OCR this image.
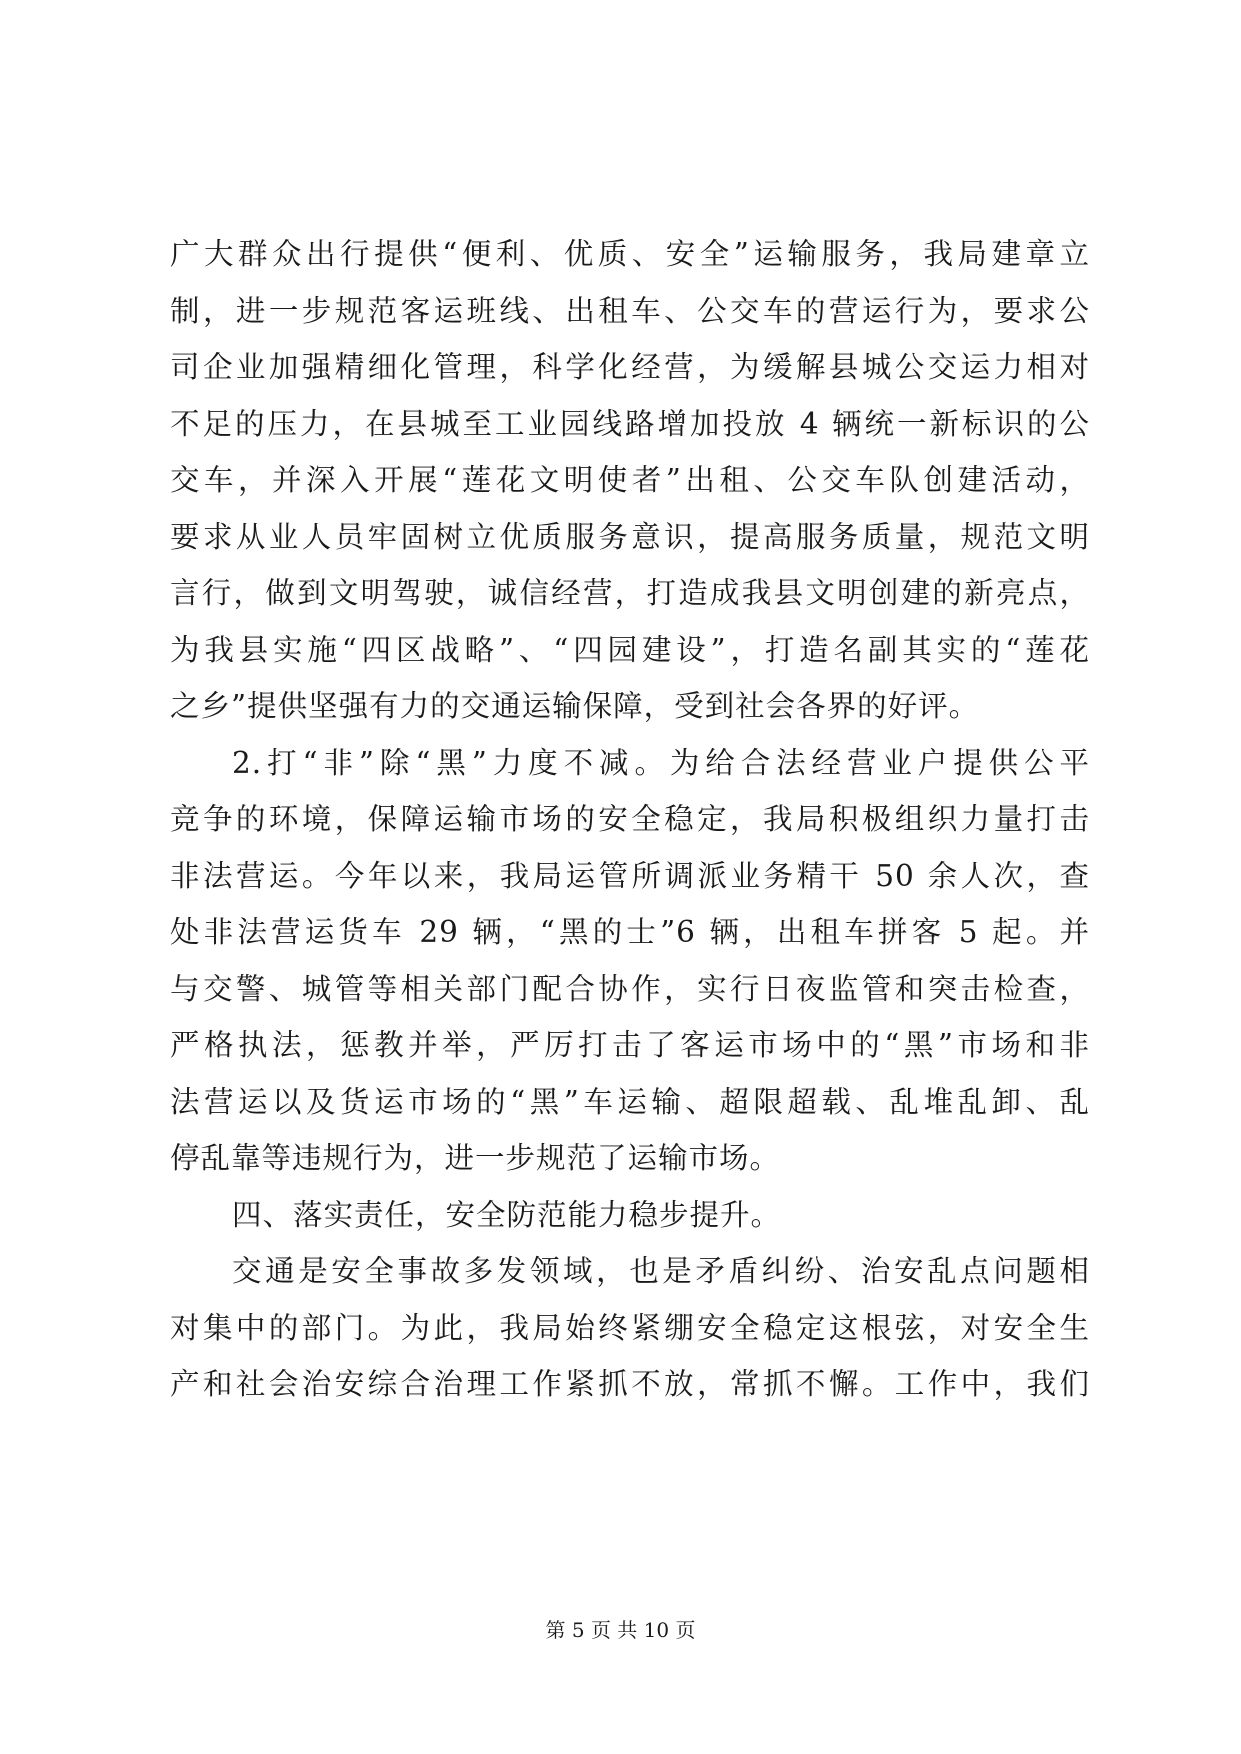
广大群众出行提供“便利、优质、安全”运输服务，我局建章立
制，进一步规范客运班线、出租车、公交车的营运行为，要求公
司企业加强精细化管理，科学化经营，为缓解县城公交运力相对
不足的压力，在县城至工业园线路增加投放 4 辆统一新标识的公
交车，并深入开展“莲花文明使者”出租、公交车队创建活动，
要求从业人员牢固树立优质服务意识，提高服务质量，规范文明
言行，做到文明驾驶，诚信经营，打造成我县文明创建的新亮点，
为我县实施“四区战略”、“四园建设”，打造名副其实的“莲花
之乡”提供坚强有力的交通运输保障，受到社会各界的好评。
2.打“非”除“黑”力度不减。为给合法经营业户提供公平
竞争的环境，保障运输市场的安全稳定，我局积极组织力量打击
非法营运。今年以来，我局运管所调派业务精干 50 余人次，查
处非法营运货车 29 辆，“黑的士”6 辆，出租车拼客 5 起。并
与交警、城管等相关部门配合协作，实行日夜监管和突击检查，
严格执法，惩教并举，严厉打击了客运市场中的“黑”市场和非
法营运以及货运市场的“黑”车运输、超限超载、乱堆乱卸、乱
停乱靠等违规行为，进一步规范了运输市场。
四、落实责任，安全防范能力稳步提升。
交通是安全事故多发领域，也是矛盾纠纷、治安乱点问题相
对集中的部门。为此，我局始终紧绷安全稳定这根弦，对安全生
产和社会治安综合治理工作紧抓不放，常抓不懈。工作中，我们
第 5 页 共 10 页
